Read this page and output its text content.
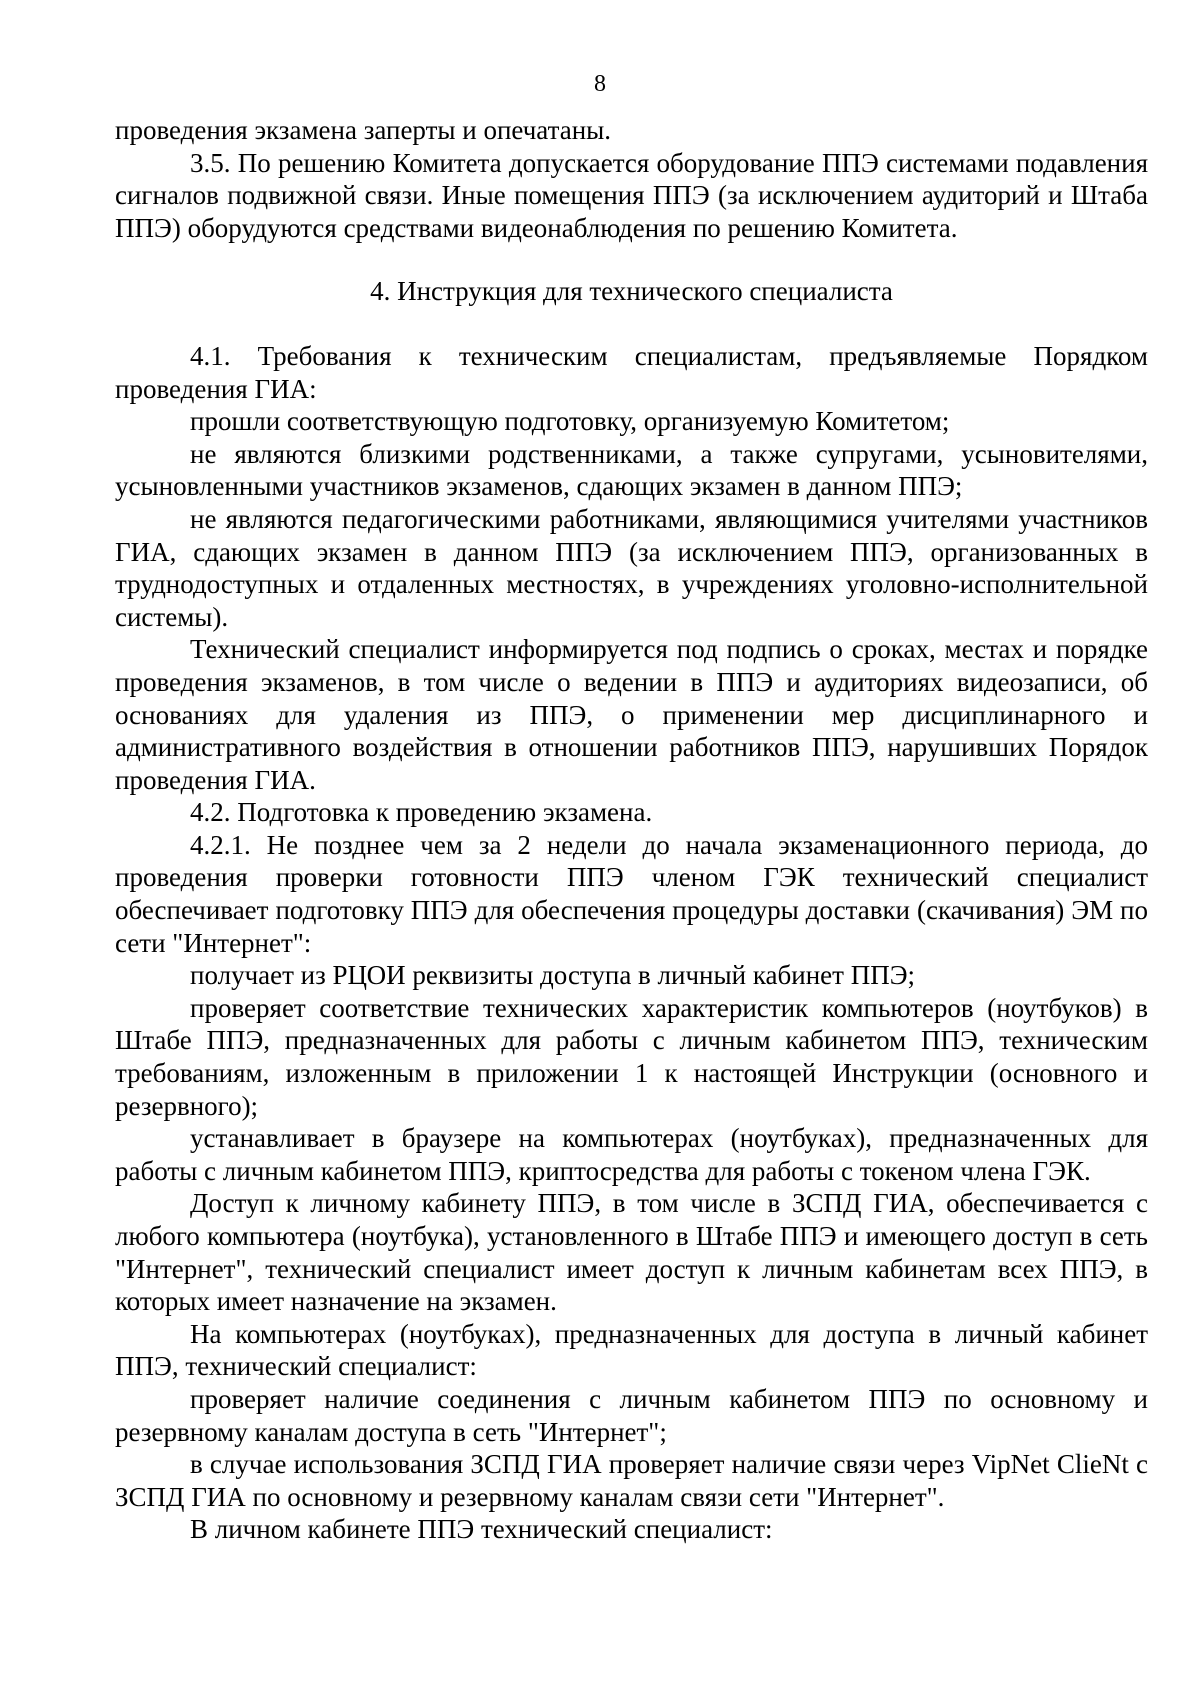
8

проведения экзамена заперты и опечатаны.

3.5. По решению Комитета допускается оборудование ППЭ системами подавления сигналов подвижной связи. Иные помещения ППЭ (за исключением аудиторий и Штаба ППЭ) оборудуются средствами видеонаблюдения по решению Комитета.

4. Инструкция для технического специалиста

4.1. Требования к техническим специалистам, предъявляемые Порядком проведения ГИА:

прошли соответствующую подготовку, организуемую Комитетом;

не являются близкими родственниками, а также супругами, усыновителями, усыновленными участников экзаменов, сдающих экзамен в данном ППЭ;

не являются педагогическими работниками, являющимися учителями участников ГИА, сдающих экзамен в данном ППЭ (за исключением ППЭ, организованных в труднодоступных и отдаленных местностях, в учреждениях уголовно-исполнительной системы).

Технический специалист информируется под подпись о сроках, местах и порядке проведения экзаменов, в том числе о ведении в ППЭ и аудиториях видеозаписи, об основаниях для удаления из ППЭ, о применении мер дисциплинарного и административного воздействия в отношении работников ППЭ, нарушивших Порядок проведения ГИА.

4.2. Подготовка к проведению экзамена.

4.2.1. Не позднее чем за 2 недели до начала экзаменационного периода, до проведения проверки готовности ППЭ членом ГЭК технический специалист обеспечивает подготовку ППЭ для обеспечения процедуры доставки (скачивания) ЭМ по сети "Интернет":

получает из РЦОИ реквизиты доступа в личный кабинет ППЭ;

проверяет соответствие технических характеристик компьютеров (ноутбуков) в Штабе ППЭ, предназначенных для работы с личным кабинетом ППЭ, техническим требованиям, изложенным в приложении 1 к настоящей Инструкции (основного и резервного);

устанавливает в браузере на компьютерах (ноутбуках), предназначенных для работы с личным кабинетом ППЭ, криптосредства для работы с токеном члена ГЭК.

Доступ к личному кабинету ППЭ, в том числе в ЗСПД ГИА, обеспечивается с любого компьютера (ноутбука), установленного в Штабе ППЭ и имеющего доступ в сеть "Интернет", технический специалист имеет доступ к личным кабинетам всех ППЭ, в которых имеет назначение на экзамен.

На компьютерах (ноутбуках), предназначенных для доступа в личный кабинет ППЭ, технический специалист:

проверяет наличие соединения с личным кабинетом ППЭ по основному и резервному каналам доступа в сеть "Интернет";

в случае использования ЗСПД ГИА проверяет наличие связи через VipNet ClieNt с ЗСПД ГИА по основному и резервному каналам связи сети "Интернет".

В личном кабинете ППЭ технический специалист:
